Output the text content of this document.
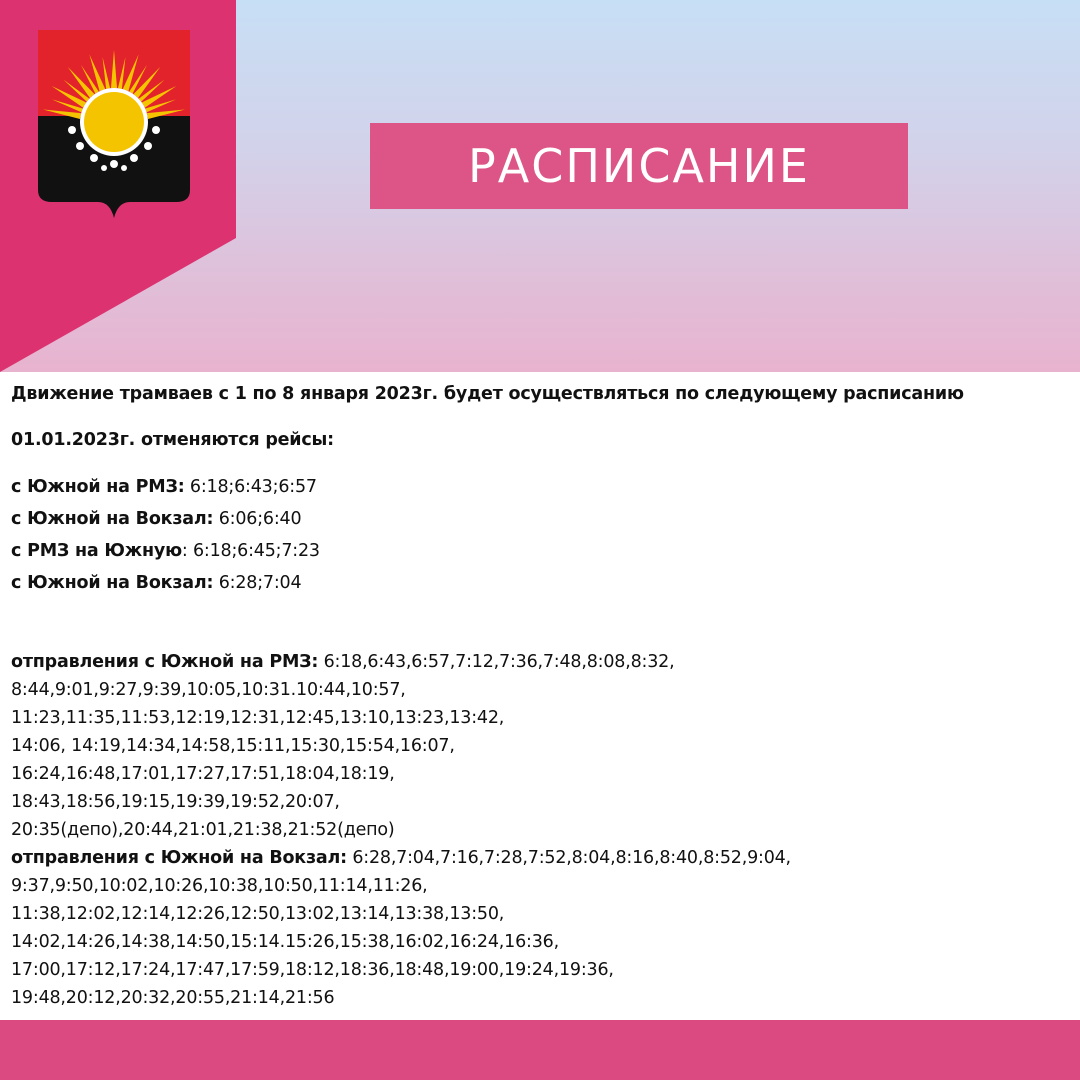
РАСПИСАНИЕ
Движение трамваев с 1 по 8 января 2023г. будет осуществляться по следующему расписанию
01.01.2023г. отменяются рейсы:
с Южной на РМЗ: 6:18;6:43;6:57
с Южной на Вокзал: 6:06;6:40
с РМЗ на Южную: 6:18;6:45;7:23
с Южной на Вокзал: 6:28;7:04
отправления с Южной на РМЗ: 6:18,6:43,6:57,7:12,7:36,7:48,8:08,8:32,
8:44,9:01,9:27,9:39,10:05,10:31.10:44,10:57,
11:23,11:35,11:53,12:19,12:31,12:45,13:10,13:23,13:42,
14:06, 14:19,14:34,14:58,15:11,15:30,15:54,16:07,
16:24,16:48,17:01,17:27,17:51,18:04,18:19,
18:43,18:56,19:15,19:39,19:52,20:07,
20:35(депо),20:44,21:01,21:38,21:52(депо)
отправления с Южной на Вокзал: 6:28,7:04,7:16,7:28,7:52,8:04,8:16,8:40,8:52,9:04,
9:37,9:50,10:02,10:26,10:38,10:50,11:14,11:26,
11:38,12:02,12:14,12:26,12:50,13:02,13:14,13:38,13:50,
14:02,14:26,14:38,14:50,15:14.15:26,15:38,16:02,16:24,16:36,
17:00,17:12,17:24,17:47,17:59,18:12,18:36,18:48,19:00,19:24,19:36,
19:48,20:12,20:32,20:55,21:14,21:56
